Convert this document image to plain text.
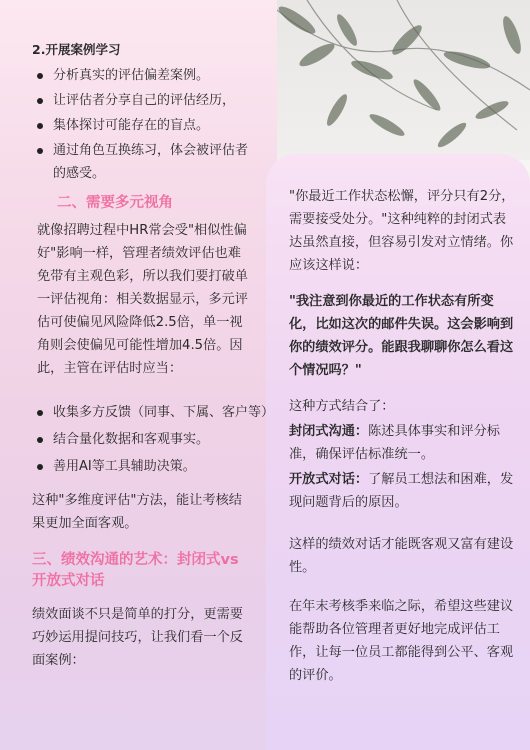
2.开展案例学习
分析真实的评估偏差案例。
让评估者分享自己的评估经历，
集体探讨可能存在的盲点。
通过角色互换练习，体会被评估者的感受。
二、需要多元视角

就像招聘过程中HR常会受"相似性偏好"影响一样，管理者绩效评估也难免带有主观色彩，所以我们要打破单一评估视角：相关数据显示，多元评估可使偏见风险降低2.5倍，单一视角则会使偏见可能性增加4.5倍。因此，主管在评估时应当：

收集多方反馈（同事、下属、客户等）
结合量化数据和客观事实。
善用AI等工具辅助决策。

这种"多维度评估"方法，能让考核结果更加全面客观。

三、绩效沟通的艺术：封闭式vs开放式对话

绩效面谈不只是简单的打分，更需要巧妙运用提问技巧，让我们看一个反面案例：

"你最近工作状态松懈，评分只有2分，需要接受处分。"这种纯粹的封闭式表达虽然直接，但容易引发对立情绪。你应该这样说：

"我注意到你最近的工作状态有所变化，比如这次的邮件失误。这会影响到你的绩效评分。能跟我聊聊你怎么看这个情况吗？"

这种方式结合了：

封闭式沟通：陈述具体事实和评分标准，确保评估标准统一。

开放式对话：了解员工想法和困难，发现问题背后的原因。

这样的绩效对话才能既客观又富有建设性。

在年末考核季来临之际，希望这些建议能帮助各位管理者更好地完成评估工作，让每一位员工都能得到公平、客观的评价。
